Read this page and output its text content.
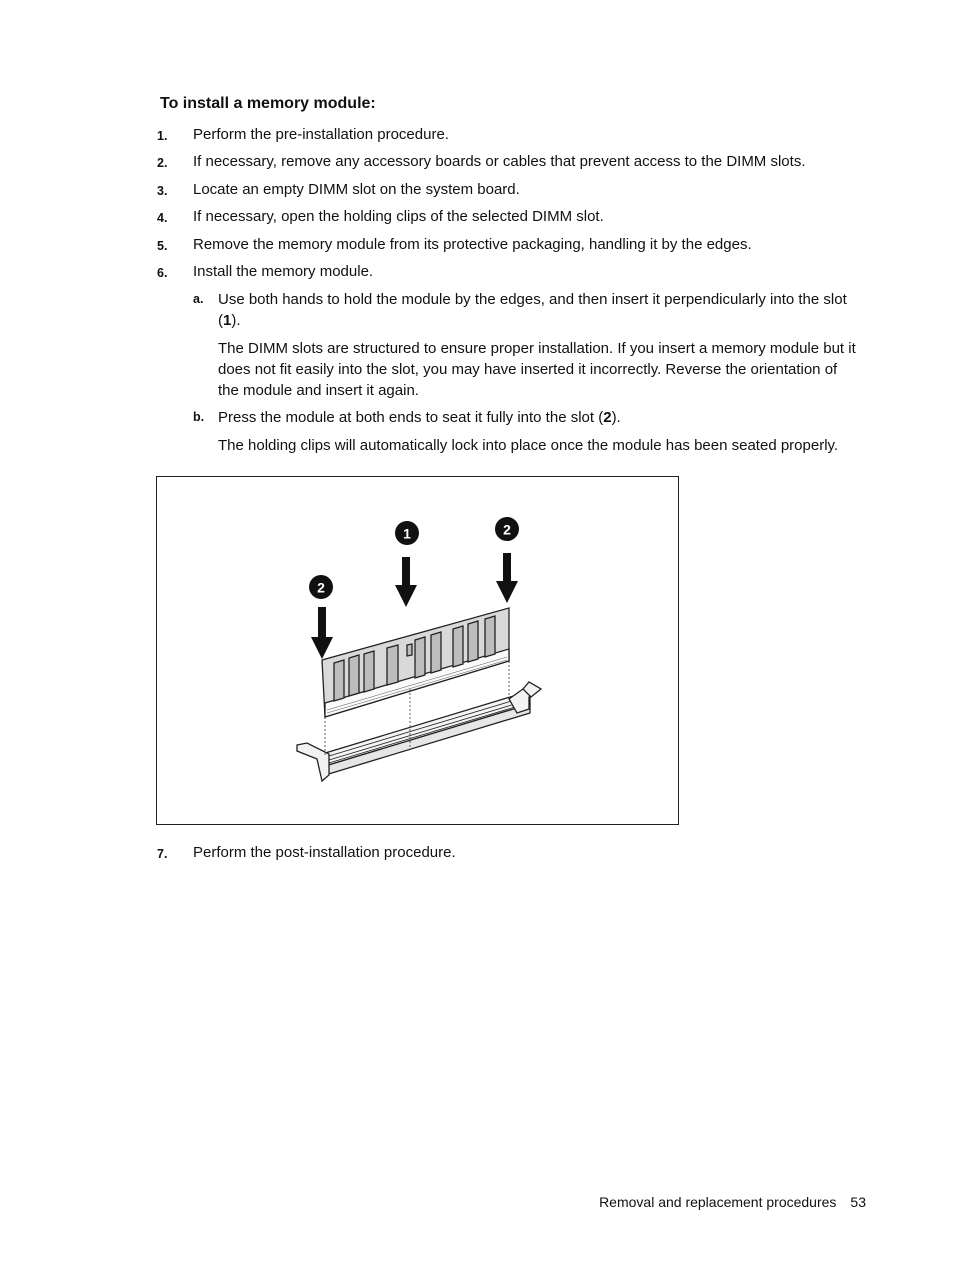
To install a memory module:
1. Perform the pre-installation procedure.
2. If necessary, remove any accessory boards or cables that prevent access to the DIMM slots.
3. Locate an empty DIMM slot on the system board.
4. If necessary, open the holding clips of the selected DIMM slot.
5. Remove the memory module from its protective packaging, handling it by the edges.
6. Install the memory module.
a. Use both hands to hold the module by the edges, and then insert it perpendicularly into the slot (1).
The DIMM slots are structured to ensure proper installation. If you insert a memory module but it does not fit easily into the slot, you may have inserted it incorrectly. Reverse the orientation of the module and insert it again.
b. Press the module at both ends to seat it fully into the slot (2).
The holding clips will automatically lock into place once the module has been seated properly.
1	2
2
7. Perform the post-installation procedure.
Removal and replacement procedures 53
